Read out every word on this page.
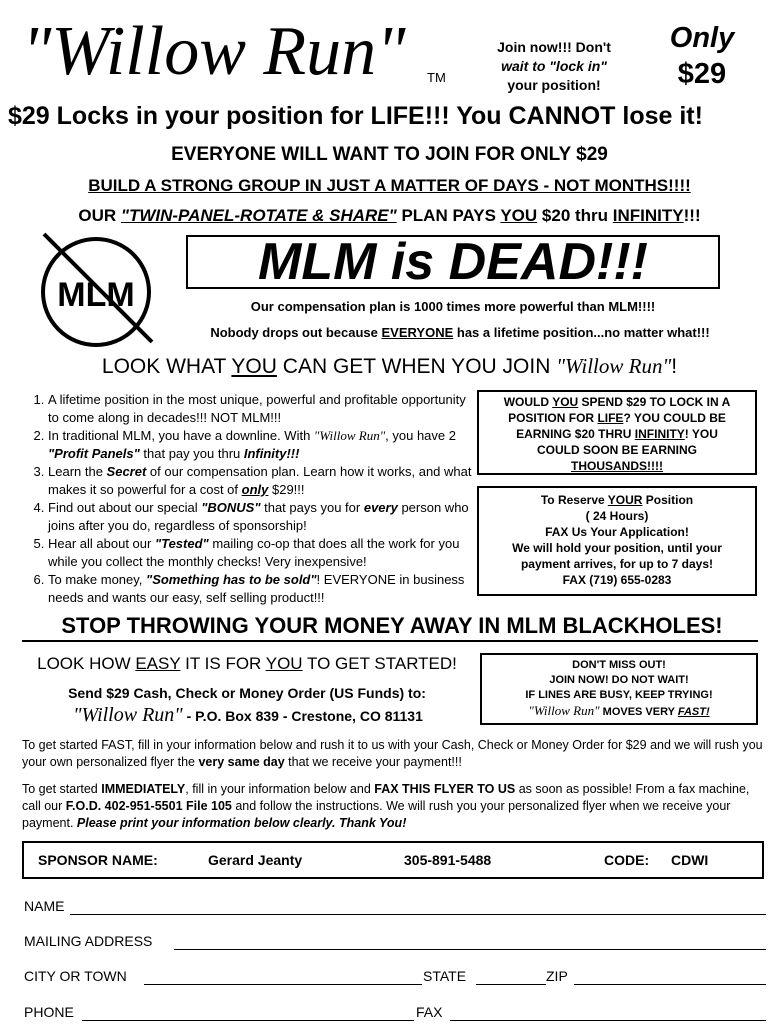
"Willow Run"	TM
Join now!!! Don't
wait to "lock in"
your position!
Only
$29
$29 Locks in your position for LIFE!!! You CANNOT lose it!
EVERYONE WILL WANT TO JOIN FOR ONLY $29
BUILD A STRONG GROUP IN JUST A MATTER OF DAYS - NOT MONTHS!!!!
OUR "TWIN-PANEL-ROTATE & SHARE" PLAN PAYS YOU $20 thru INFINITY!!!
MLM
MLM is DEAD!!!
Our compensation plan is 1000 times more powerful than MLM!!!!
Nobody drops out because EVERYONE has a lifetime position...no matter what!!!
LOOK WHAT YOU CAN GET WHEN YOU JOIN "Willow Run"!
1. A lifetime position in the most unique, powerful and profitable opportunity to come along in decades!!! NOT MLM!!!
2. In traditional MLM, you have a downline. With "Willow Run", you have 2 "Profit Panels" that pay you thru Infinity!!!
3. Learn the Secret of our compensation plan. Learn how it works, and what makes it so powerful for a cost of only $29!!!
4. Find out about our special "BONUS" that pays you for every person who joins after you do, regardless of sponsorship!
5. Hear all about our "Tested" mailing co-op that does all the work for you while you collect the monthly checks! Very inexpensive!
6. To make money, "Something has to be sold"! EVERYONE in business needs and wants our easy, self selling product!!!
WOULD YOU SPEND $29 TO LOCK IN A
POSITION FOR LIFE? YOU COULD BE
EARNING $20 THRU INFINITY! YOU
COULD SOON BE EARNING
THOUSANDS!!!!
To Reserve YOUR Position
( 24 Hours)
FAX Us Your Application!
We will hold your position, until your
payment arrives, for up to 7 days!
FAX (719) 655-0283
STOP THROWING YOUR MONEY AWAY IN MLM BLACKHOLES!
LOOK HOW EASY IT IS FOR YOU TO GET STARTED!
Send $29 Cash, Check or Money Order (US Funds) to:
"Willow Run" - P.O. Box 839 - Crestone, CO 81131
DON'T MISS OUT!
JOIN NOW! DO NOT WAIT!
IF LINES ARE BUSY, KEEP TRYING!
"Willow Run" MOVES VERY FAST!
To get started FAST, fill in your information below and rush it to us with your Cash, Check or Money Order for $29 and we will rush you your own personalized flyer the very same day that we receive your payment!!!
To get started IMMEDIATELY, fill in your information below and FAX THIS FLYER TO US as soon as possible! From a fax machine, call our F.O.D. 402-951-5501 File 105 and follow the instructions. We will rush you your personalized flyer when we receive your payment. Please print your information below clearly. Thank You!
SPONSOR NAME:	Gerard Jeanty	305-891-5488	CODE: CDWI
NAME
MAILING ADDRESS
CITY OR TOWN	STATE	ZIP
PHONE	FAX
